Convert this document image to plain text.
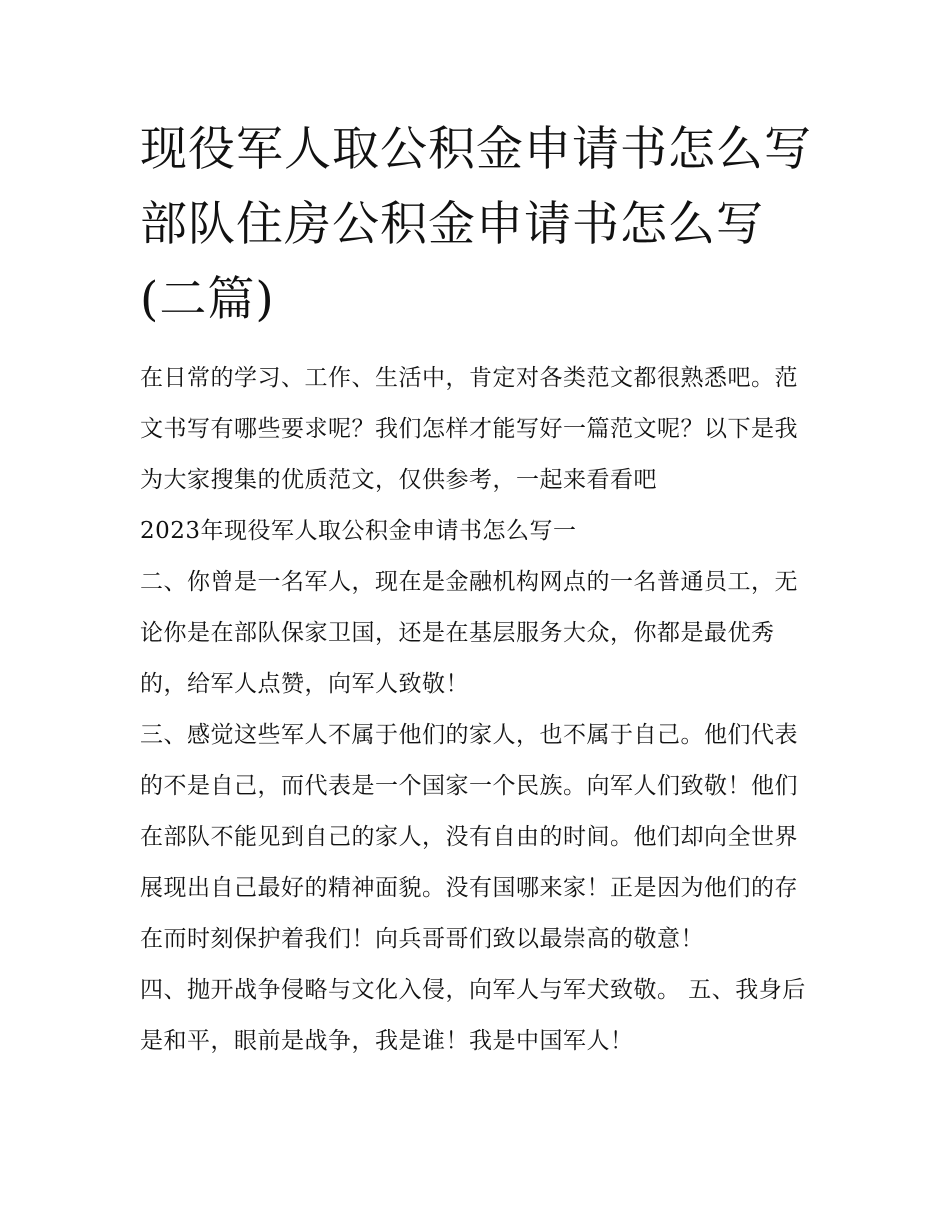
现役军人取公积金申请书怎么写 部队住房公积金申请书怎么写(二篇)

在日常的学习、工作、生活中，肯定对各类范文都很熟悉吧。范文书写有哪些要求呢？我们怎样才能写好一篇范文呢？以下是我为大家搜集的优质范文，仅供参考，一起来看看吧

2023年现役军人取公积金申请书怎么写一

二、你曾是一名军人，现在是金融机构网点的一名普通员工，无论你是在部队保家卫国，还是在基层服务大众，你都是最优秀的，给军人点赞，向军人致敬！

三、感觉这些军人不属于他们的家人，也不属于自己。他们代表的不是自己，而代表是一个国家一个民族。向军人们致敬！他们在部队不能见到自己的家人，没有自由的时间。他们却向全世界展现出自己最好的精神面貌。没有国哪来家！正是因为他们的存在而时刻保护着我们！向兵哥哥们致以最崇高的敬意！

四、抛开战争侵略与文化入侵，向军人与军犬致敬。 五、我身后是和平，眼前是战争，我是谁！我是中国军人！
